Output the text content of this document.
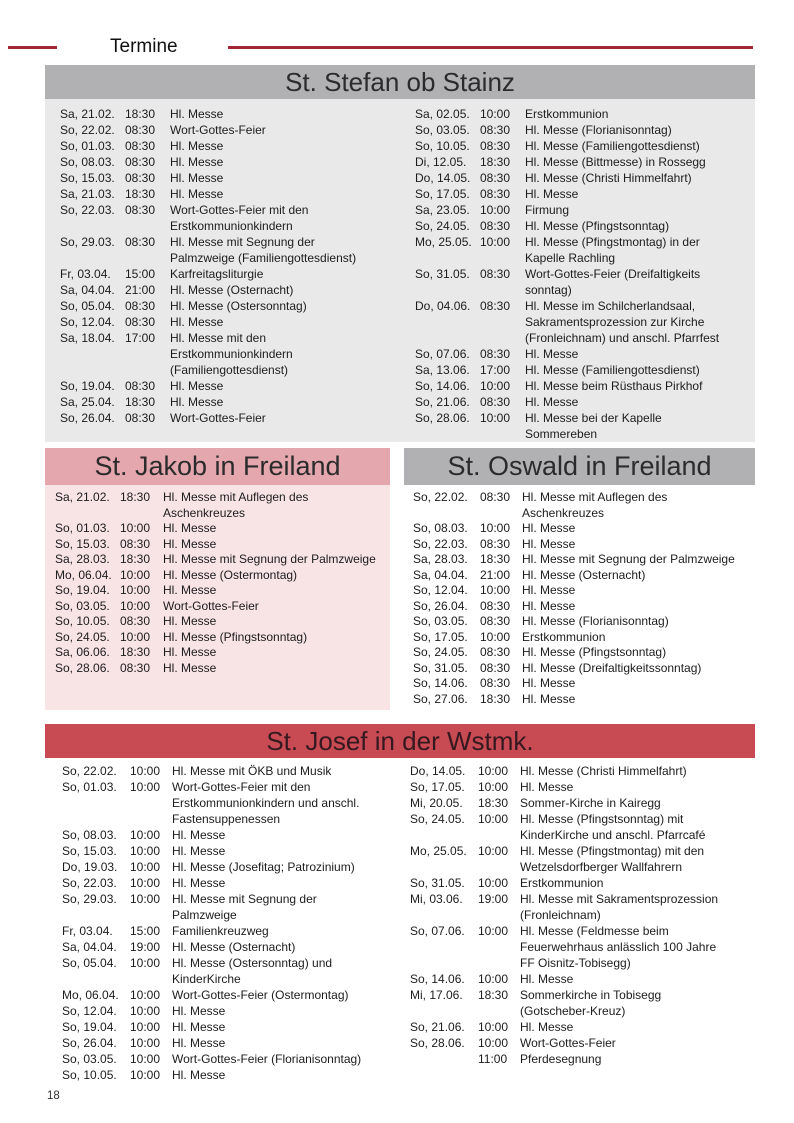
Termine
St. Stefan ob Stainz
Sa, 21.02. 18:30	Hl. Messe
So, 22.02. 08:30	Wort-Gottes-Feier
So, 01.03. 08:30	Hl. Messe
So, 08.03. 08:30	Hl. Messe
So, 15.03. 08:30	Hl. Messe
Sa, 21.03. 18:30	Hl. Messe
So, 22.03. 08:30	Wort-Gottes-Feier mit den
Erstkommunionkindern
So, 29.03. 08:30	Hl. Messe mit Segnung der
Palmzweige (Familiengottesdienst)
Fr, 03.04.	15:00	Karfreitagsliturgie
Sa, 04.04. 21:00	Hl. Messe (Osternacht)
So, 05.04. 08:30	Hl. Messe (Ostersonntag)
So, 12.04. 08:30	Hl. Messe
Sa, 18.04. 17:00	Hl. Messe mit den
Erstkommunionkindern
(Familiengottesdienst)
So, 19.04. 08:30	Hl. Messe
Sa, 25.04. 18:30	Hl. Messe
So, 26.04. 08:30	Wort-Gottes-Feier
Sa, 02.05. 10:00	Erstkommunion
So, 03.05. 08:30	Hl. Messe (Florianisonntag)
So, 10.05. 08:30	Hl. Messe (Familiengottesdienst)
Di, 12.05.	18:30	Hl. Messe (Bittmesse) in Rossegg
Do, 14.05. 08:30	Hl. Messe (Christi Himmelfahrt)
So, 17.05. 08:30	Hl. Messe
Sa, 23.05. 10:00	Firmung
So, 24.05. 08:30	Hl. Messe (Pfingstsonntag)
Mo, 25.05. 10:00	Hl. Messe (Pfingstmontag) in der
Kapelle Rachling
So, 31.05. 08:30	Wort-Gottes-Feier (Dreifaltigkeits
sonntag)
Do, 04.06. 08:30	Hl. Messe im Schilcherlandsaal,
Sakramentsprozession zur Kirche
(Fronleichnam) und anschl. Pfarrfest
So, 07.06. 08:30	Hl. Messe
Sa, 13.06. 17:00	Hl. Messe (Familiengottesdienst)
So, 14.06. 10:00	Hl. Messe beim Rüsthaus Pirkhof
So, 21.06. 08:30	Hl. Messe
So, 28.06. 10:00	Hl. Messe bei der Kapelle
Sommereben
St. Jakob in Freiland
Sa, 21.02. 18:30	Hl. Messe mit Auflegen des
Aschenkreuzes
So, 01.03. 10:00	Hl. Messe
So, 15.03. 08:30	Hl. Messe
Sa, 28.03. 18:30	Hl. Messe mit Segnung der Palmzweige
Mo, 06.04. 10:00	Hl. Messe (Ostermontag)
So, 19.04. 10:00	Hl. Messe
So, 03.05. 10:00	Wort-Gottes-Feier
So, 10.05. 08:30	Hl. Messe
So, 24.05. 10:00	Hl. Messe (Pfingstsonntag)
Sa, 06.06. 18:30	Hl. Messe
So, 28.06. 08:30	Hl. Messe
St. Oswald in Freiland
So, 22.02.	08:30 Hl. Messe mit Auflegen des
Aschenkreuzes
So, 08.03.	10:00 Hl. Messe
So, 22.03.	08:30 Hl. Messe
Sa, 28.03.	18:30 Hl. Messe mit Segnung der Palmzweige
Sa, 04.04.	21:00 Hl. Messe (Osternacht)
So, 12.04.	10:00 Hl. Messe
So, 26.04.	08:30 Hl. Messe
So, 03.05.	08:30 Hl. Messe (Florianisonntag)
So, 17.05.	10:00 Erstkommunion
So, 24.05.	08:30 Hl. Messe (Pfingstsonntag)
So, 31.05.	08:30 Hl. Messe (Dreifaltigkeitssonntag)
So, 14.06.	08:30 Hl. Messe
So, 27.06.	18:30 Hl. Messe
St. Josef in der Wstmk.
So, 22.02.	10:00 Hl. Messe mit ÖKB und Musik
So, 01.03.	10:00 Wort-Gottes-Feier mit den
Erstkommunionkindern und anschl.
Fastensuppenessen
So, 08.03.	10:00 Hl. Messe
So, 15.03.	10:00 Hl. Messe
Do, 19.03.	10:00 Hl. Messe (Josefitag; Patrozinium)
So, 22.03.	10:00 Hl. Messe
So, 29.03.	10:00 Hl. Messe mit Segnung der
Palmzweige
Fr, 03.04.	15:00 Familienkreuzweg
Sa, 04.04.	19:00 Hl. Messe (Osternacht)
So, 05.04.	10:00 Hl. Messe (Ostersonntag) und
KinderKirche
Mo, 06.04. 10:00 Wort-Gottes-Feier (Ostermontag)
So, 12.04.	10:00 Hl. Messe
So, 19.04.	10:00 Hl. Messe
So, 26.04.	10:00 Hl. Messe
So, 03.05.	10:00 Wort-Gottes-Feier (Florianisonntag)
So, 10.05.	10:00 Hl. Messe
Do, 14.05.	10:00 Hl. Messe (Christi Himmelfahrt)
So, 17.05.	10:00 Hl. Messe
Mi, 20.05.	18:30 Sommer-Kirche in Kairegg
So, 24.05.	10:00 Hl. Messe (Pfingstsonntag) mit
KinderKirche und anschl. Pfarrcafé
Mo, 25.05. 10:00 Hl. Messe (Pfingstmontag) mit den
Wetzelsdorfberger Wallfahrern
So, 31.05.	10:00 Erstkommunion
Mi, 03.06.	19:00 Hl. Messe mit Sakramentsprozession
(Fronleichnam)
So, 07.06.	10:00 Hl. Messe (Feldmesse beim
Feuerwehrhaus anlässlich 100 Jahre
FF Oisnitz-Tobisegg)
So, 14.06.	10:00 Hl. Messe
Mi, 17.06.	18:30 Sommerkirche in Tobisegg
(Gotscheber-Kreuz)
So, 21.06.	10:00 Hl. Messe
So, 28.06.	10:00 Wort-Gottes-Feier
11:00	Pferdesegnung
18
